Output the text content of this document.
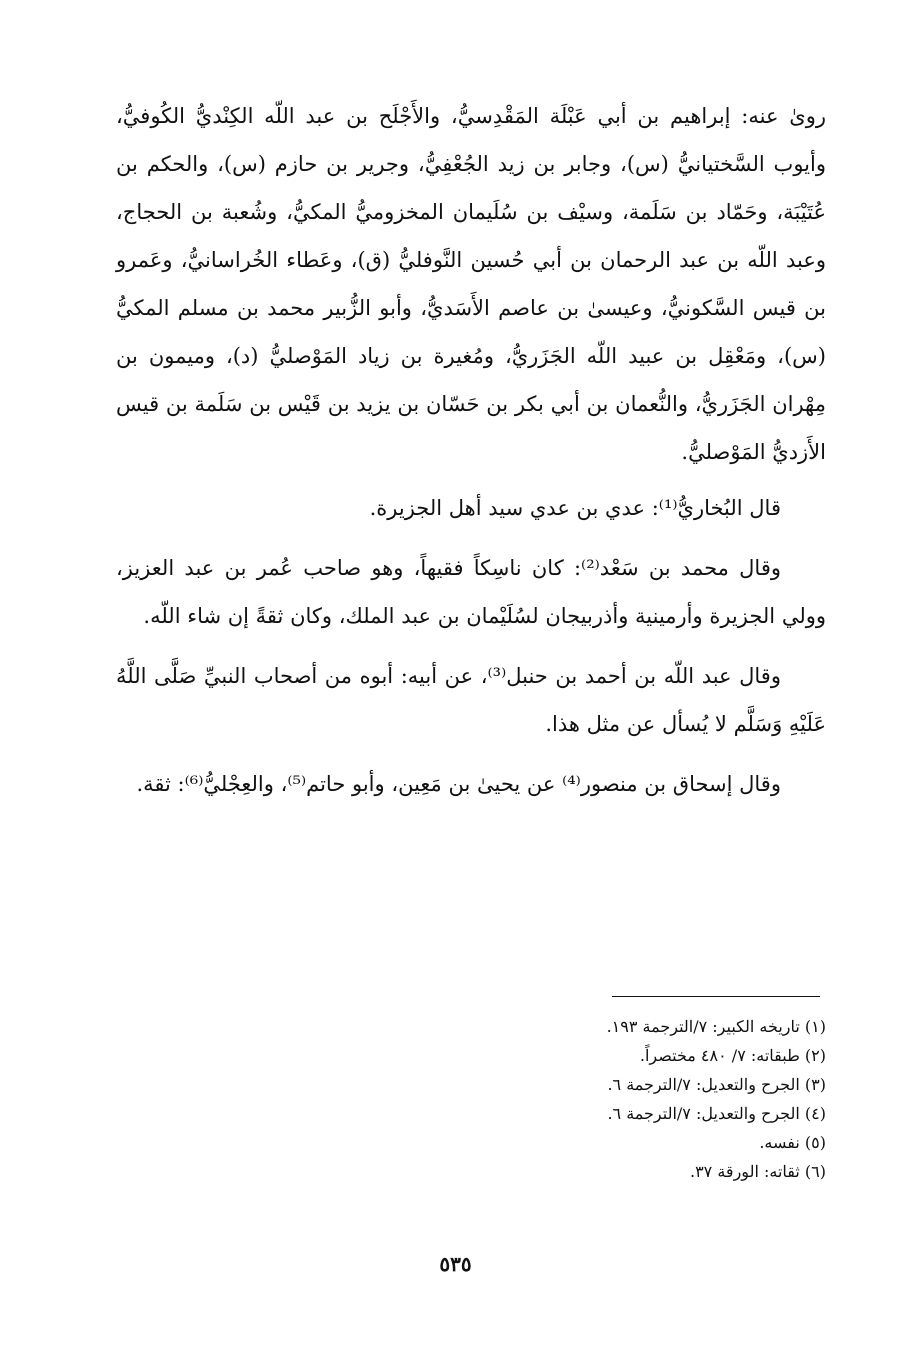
رویٰ عنه: إبراهيم بن أبي عَبْلَة المَقْدِسيُّ، والأَجْلَح بن عبد اللّه الكِنْديُّ الكُوفيُّ، وأيوب السَّختيانيُّ (س)، وجابر بن زيد الجُعْفِيُّ، وجرير بن حازم (س)، والحكم بن عُتَيْبَة، وحَمّاد بن سَلَمة، وسيْف بن سُلَيمان المخزوميُّ المكيُّ، وشُعبة بن الحجاج، وعبد اللّه بن عبد الرحمان بن أبي حُسين النَّوفليُّ (ق)، وعَطاء الخُراسانيُّ، وعَمرو بن قيس السَّكونيُّ، وعيسیٰ بن عاصم الأَسَديُّ، وأبو الزُّبير محمد بن مسلم المكيُّ (س)، ومَعْقِل بن عبيد اللّه الجَزَريُّ، ومُغيرة بن زياد المَوْصليُّ (د)، وميمون بن مِهْران الجَزَريُّ، والنُّعمان بن أبي بكر بن حَسّان بن يزيد بن قَيْس بن سَلَمة بن قيس الأَزديُّ المَوْصليُّ.

قال البُخاريُّ⁽¹⁾: عدي بن عدي سيد أهل الجزيرة.

وقال محمد بن سَعْد⁽²⁾: كان ناسِكاً فقيهاً، وهو صاحب عُمر بن عبد العزيز، وولي الجزيرة وأرمينية وأذربيجان لسُلَيْمان بن عبد الملك، وكان ثقةً إن شاء اللّه.

وقال عبد اللّه بن أحمد بن حنبل⁽³⁾، عن أبيه: أبوه من أصحاب النبيِّ صَلَّى اللَّهُ عَلَيْهِ وَسَلَّم لا يُسأل عن مثل هذا.

وقال إسحاق بن منصور⁽⁴⁾ عن يحيىٰ بن مَعِين، وأبو حاتم⁽⁵⁾، والعِجْليُّ⁽⁶⁾: ثقة.

(١) تاريخه الكبير: ٧/الترجمة ١٩٣.
(٢) طبقاته: ٧/ ٤٨٠ مختصراً.
(٣) الجرح والتعديل: ٧/الترجمة ٦.
(٤) الجرح والتعديل: ٧/الترجمة ٦.
(٥) نفسه.
(٦) ثقاته: الورقة ٣٧.
٥٣٥
